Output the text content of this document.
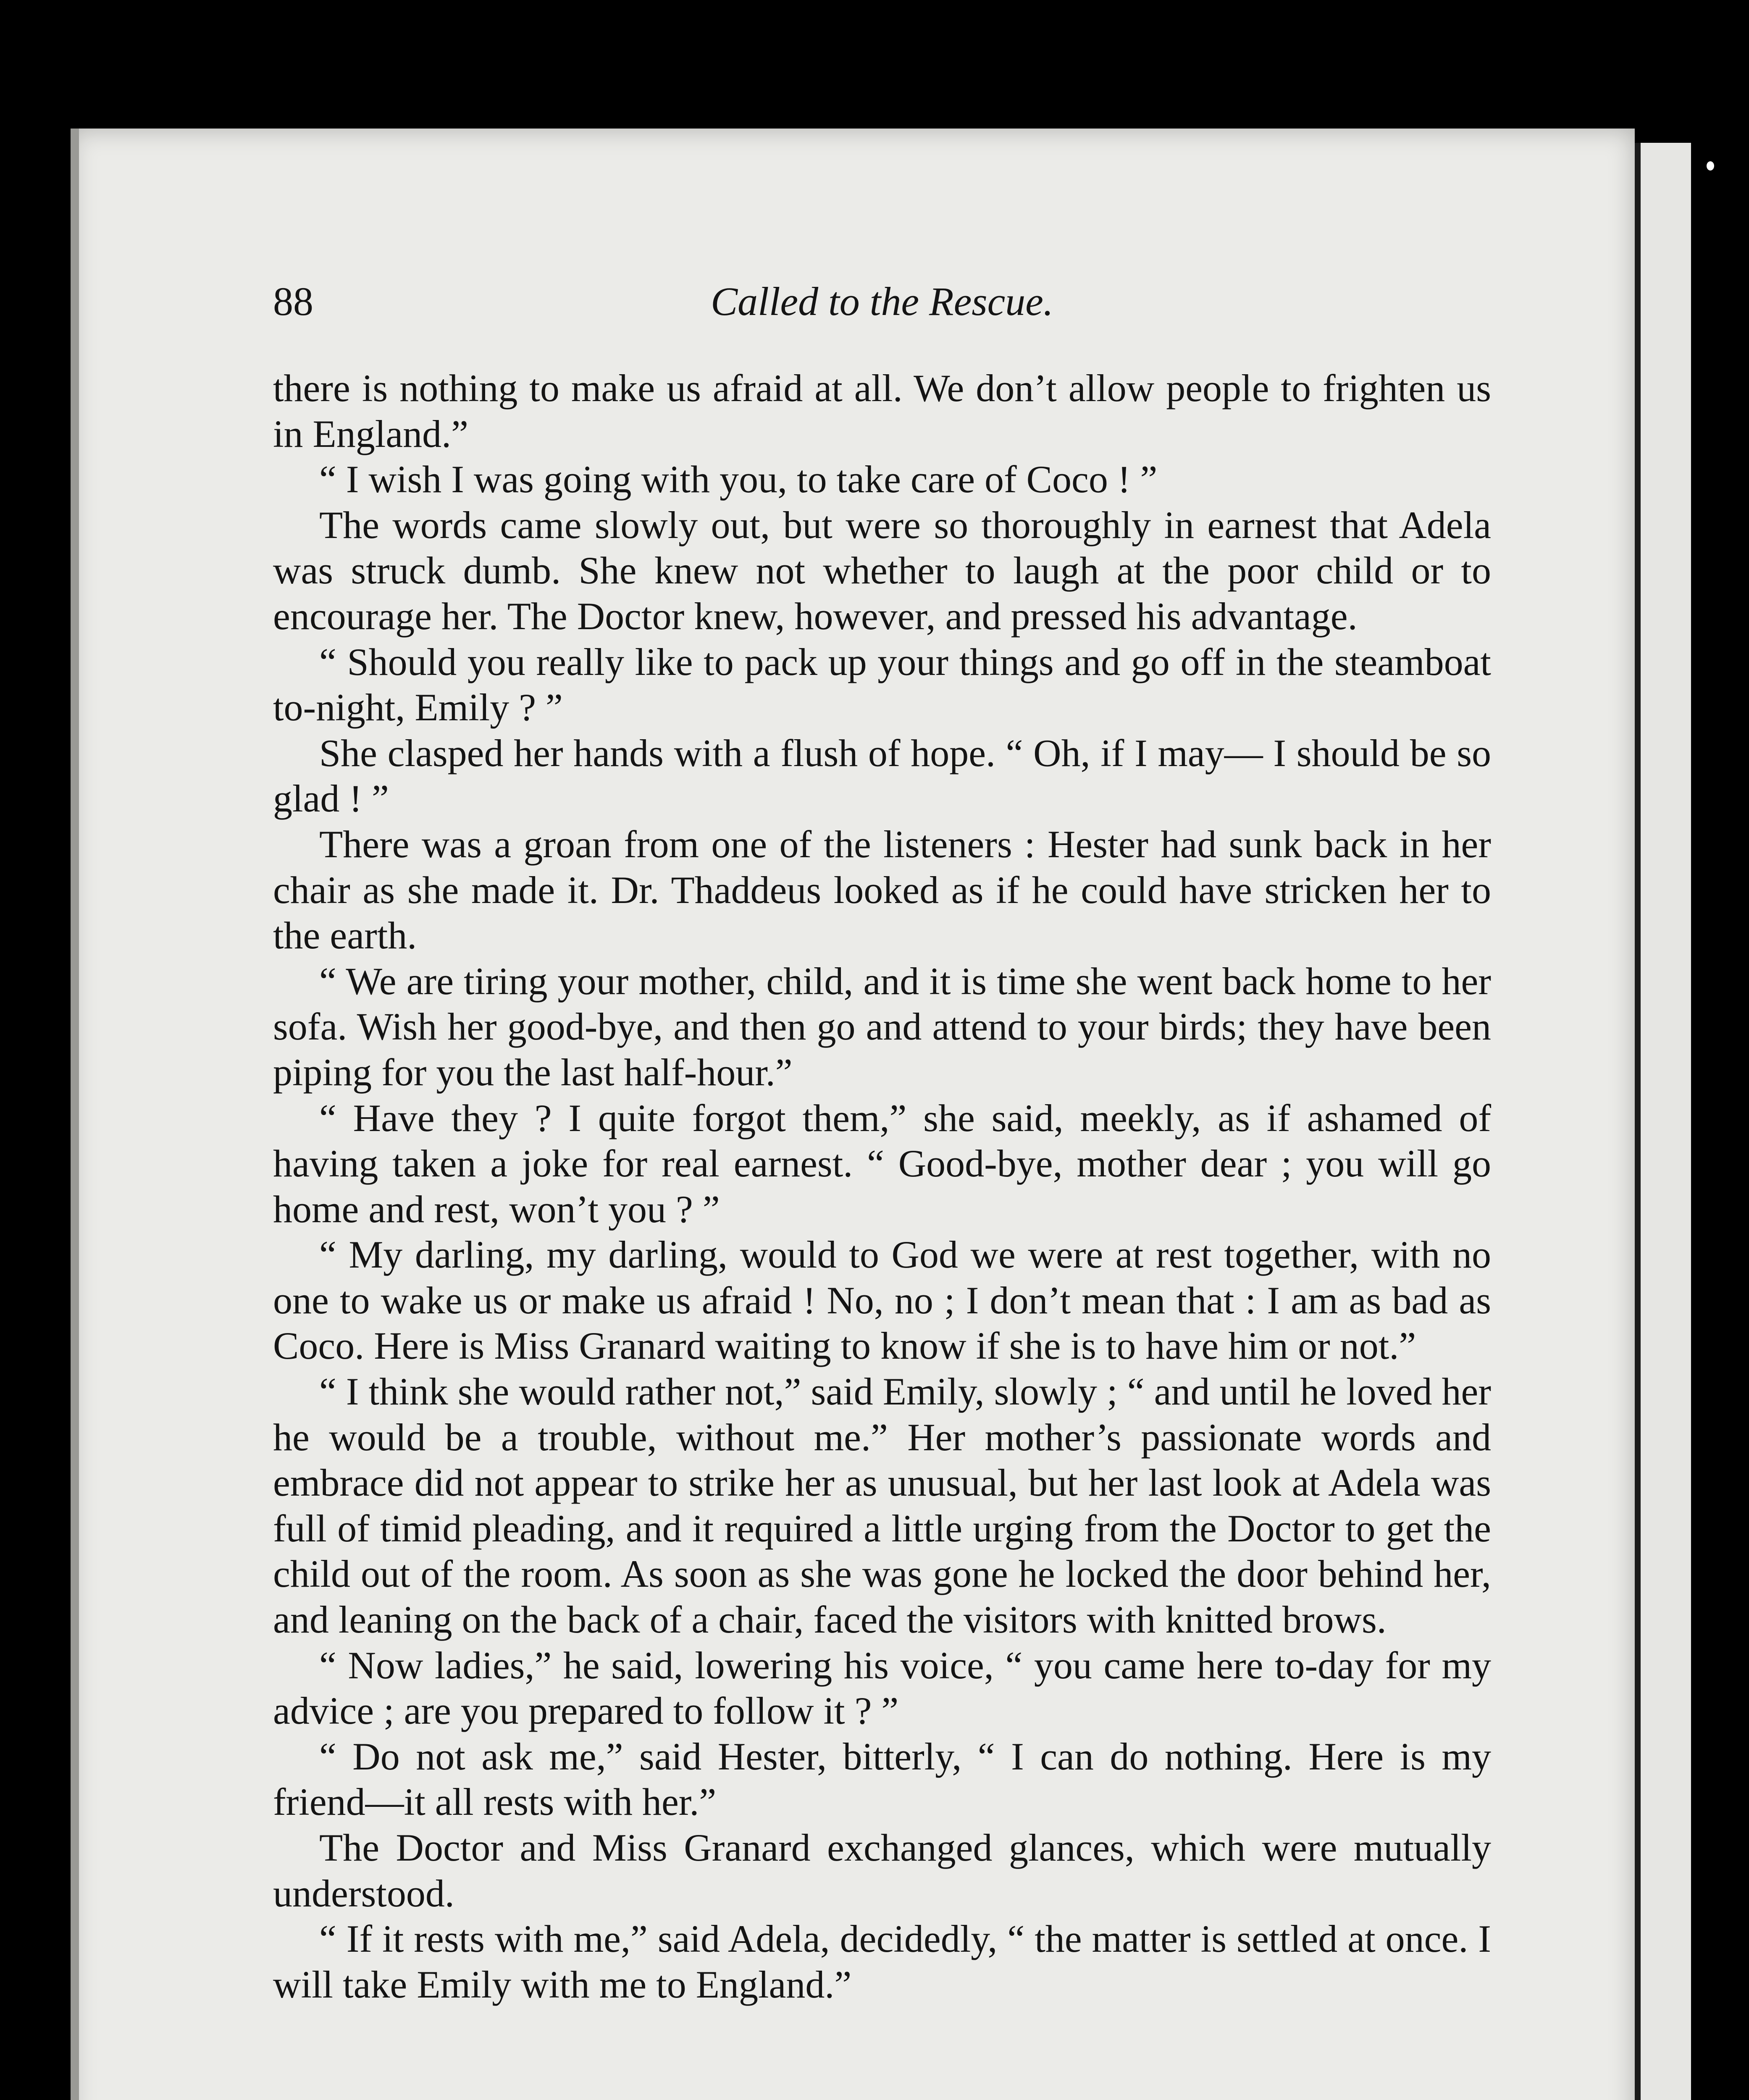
88	Called to the Rescue.

there is nothing to make us afraid at all. We don’t allow people to frighten us in England.”

“ I wish I was going with you, to take care of Coco ! ”

The words came slowly out, but were so thoroughly in earnest that Adela was struck dumb. She knew not whether to laugh at the poor child or to encourage her. The Doctor knew, however, and pressed his advantage.

“ Should you really like to pack up your things and go off in the steamboat to-night, Emily ? ”

She clasped her hands with a flush of hope. “ Oh, if I may— I should be so glad ! ”

There was a groan from one of the listeners : Hester had sunk back in her chair as she made it. Dr. Thaddeus looked as if he could have stricken her to the earth.

“ We are tiring your mother, child, and it is time she went back home to her sofa. Wish her good-bye, and then go and attend to your birds; they have been piping for you the last half-hour.”

“ Have they ? I quite forgot them,” she said, meekly, as if ashamed of having taken a joke for real earnest. “ Good-bye, mother dear ; you will go home and rest, won’t you ? ”

“ My darling, my darling, would to God we were at rest together, with no one to wake us or make us afraid ! No, no ; I don’t mean that : I am as bad as Coco. Here is Miss Granard waiting to know if she is to have him or not.”

“ I think she would rather not,” said Emily, slowly ; “ and until he loved her he would be a trouble, without me.” Her mother’s passionate words and embrace did not appear to strike her as unusual, but her last look at Adela was full of timid pleading, and it required a little urging from the Doctor to get the child out of the room. As soon as she was gone he locked the door behind her, and leaning on the back of a chair, faced the visitors with knitted brows.

“ Now ladies,” he said, lowering his voice, “ you came here to-day for my advice ; are you prepared to follow it ? ”

“ Do not ask me,” said Hester, bitterly, “ I can do nothing. Here is my friend—it all rests with her.”

The Doctor and Miss Granard exchanged glances, which were mutually understood.

“ If it rests with me,” said Adela, decidedly, “ the matter is settled at once. I will take Emily with me to England.”
